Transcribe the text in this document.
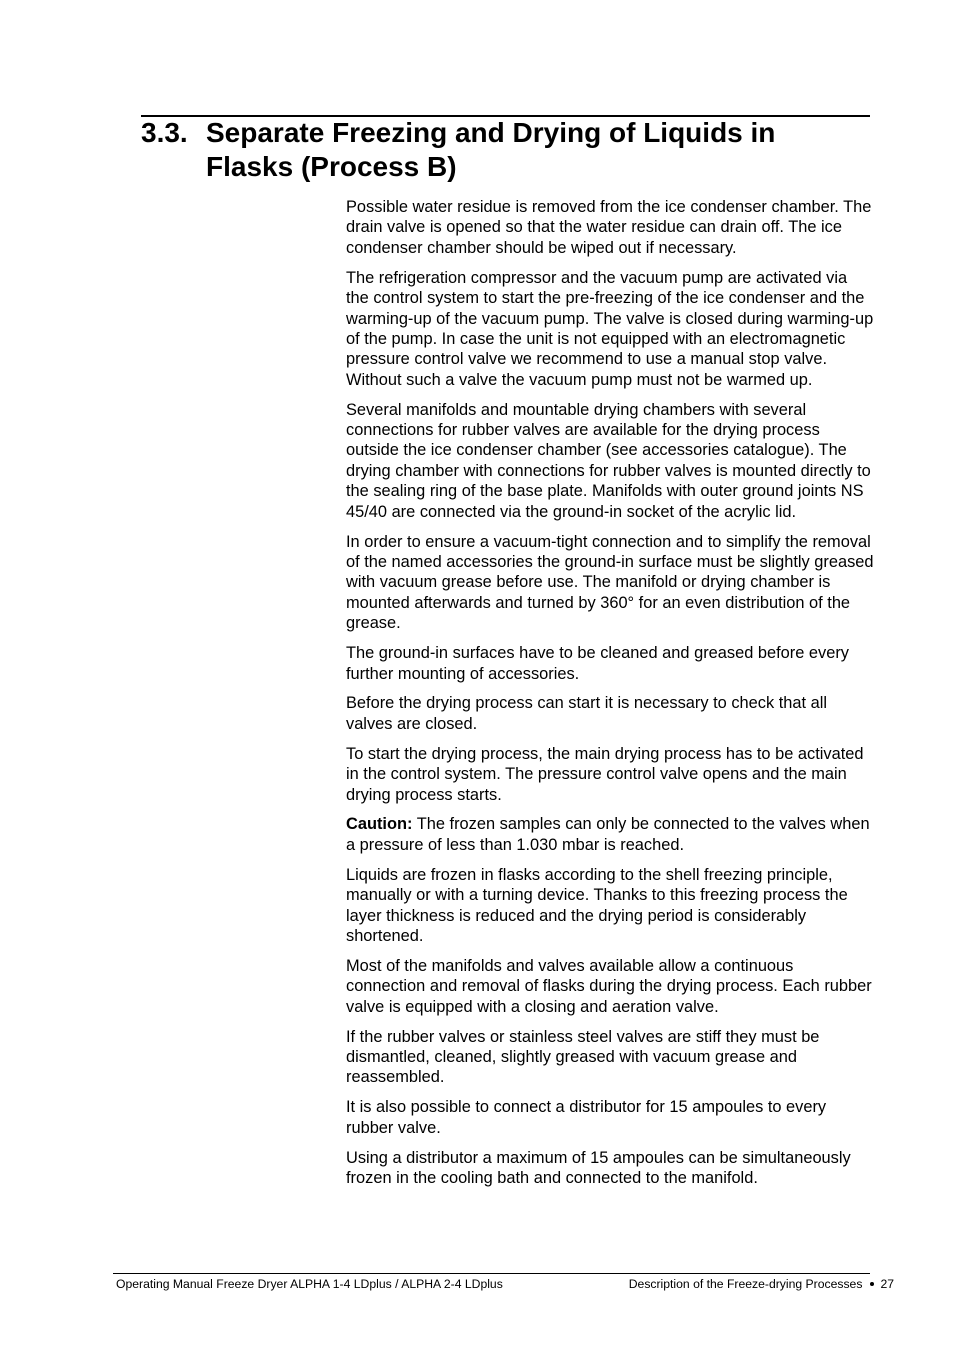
3.3. Separate Freezing and Drying of Liquids in Flasks (Process B)

Possible water residue is removed from the ice condenser chamber. The drain valve is opened so that the water residue can drain off. The ice condenser chamber should be wiped out if necessary.

The refrigeration compressor and the vacuum pump are activated via the control system to start the pre-freezing of the ice condenser and the warming-up of the vacuum pump. The valve is closed during warming-up of the pump. In case the unit is not equipped with an electromagnetic pressure control valve we recommend to use a manual stop valve. Without such a valve the vacuum pump must not be warmed up.

Several manifolds and mountable drying chambers with several connections for rubber valves are available for the drying process outside the ice condenser chamber (see accessories catalogue). The drying chamber with connections for rubber valves is mounted directly to the sealing ring of the base plate. Manifolds with outer ground joints NS 45/40 are connected via the ground-in socket of the acrylic lid.

In order to ensure a vacuum-tight connection and to simplify the removal of the named accessories the ground-in surface must be slightly greased with vacuum grease before use. The manifold or drying chamber is mounted afterwards and turned by 360° for an even distribution of the grease.

The ground-in surfaces have to be cleaned and greased before every further mounting of accessories.

Before the drying process can start it is necessary to check that all valves are closed.

To start the drying process, the main drying process has to be activated in the control system. The pressure control valve opens and the main drying process starts.

Caution: The frozen samples can only be connected to the valves when a pressure of less than 1.030 mbar is reached.

Liquids are frozen in flasks according to the shell freezing principle, manually or with a turning device. Thanks to this freezing process the layer thickness is reduced and the drying period is considerably shortened.

Most of the manifolds and valves available allow a continuous connection and removal of flasks during the drying process. Each rubber valve is equipped with a closing and aeration valve.

If the rubber valves or stainless steel valves are stiff they must be dismantled, cleaned, slightly greased with vacuum grease and reassembled.

It is also possible to connect a distributor for 15 ampoules to every rubber valve.

Using a distributor a maximum of 15 ampoules can be simultaneously frozen in the cooling bath and connected to the manifold.

Operating Manual Freeze Dryer ALPHA 1-4 LDplus / ALPHA 2-4 LDplus	Description of the Freeze-drying Processes 27
